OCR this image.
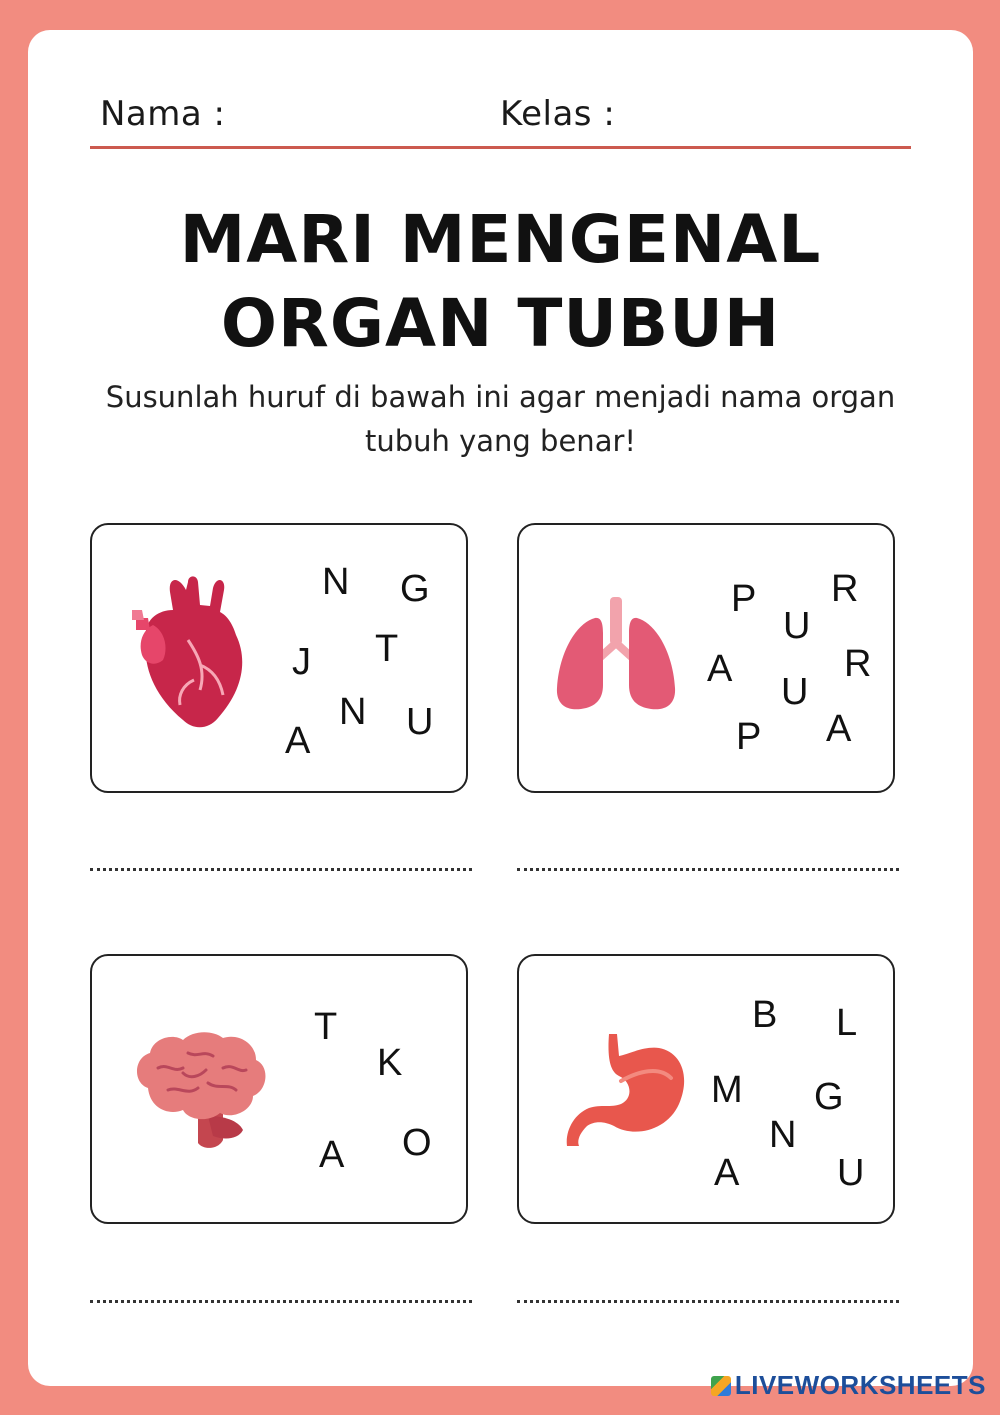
Nama :	Kelas :
MARI MENGENAL
ORGAN TUBUH
Susunlah huruf di bawah ini agar menjadi nama organ tubuh yang benar!
N G
J T
A
N U
P R
U
A	R
U
P A
T
K
A O
B L
M G
N
A	U
LIVEWORKSHEETS
